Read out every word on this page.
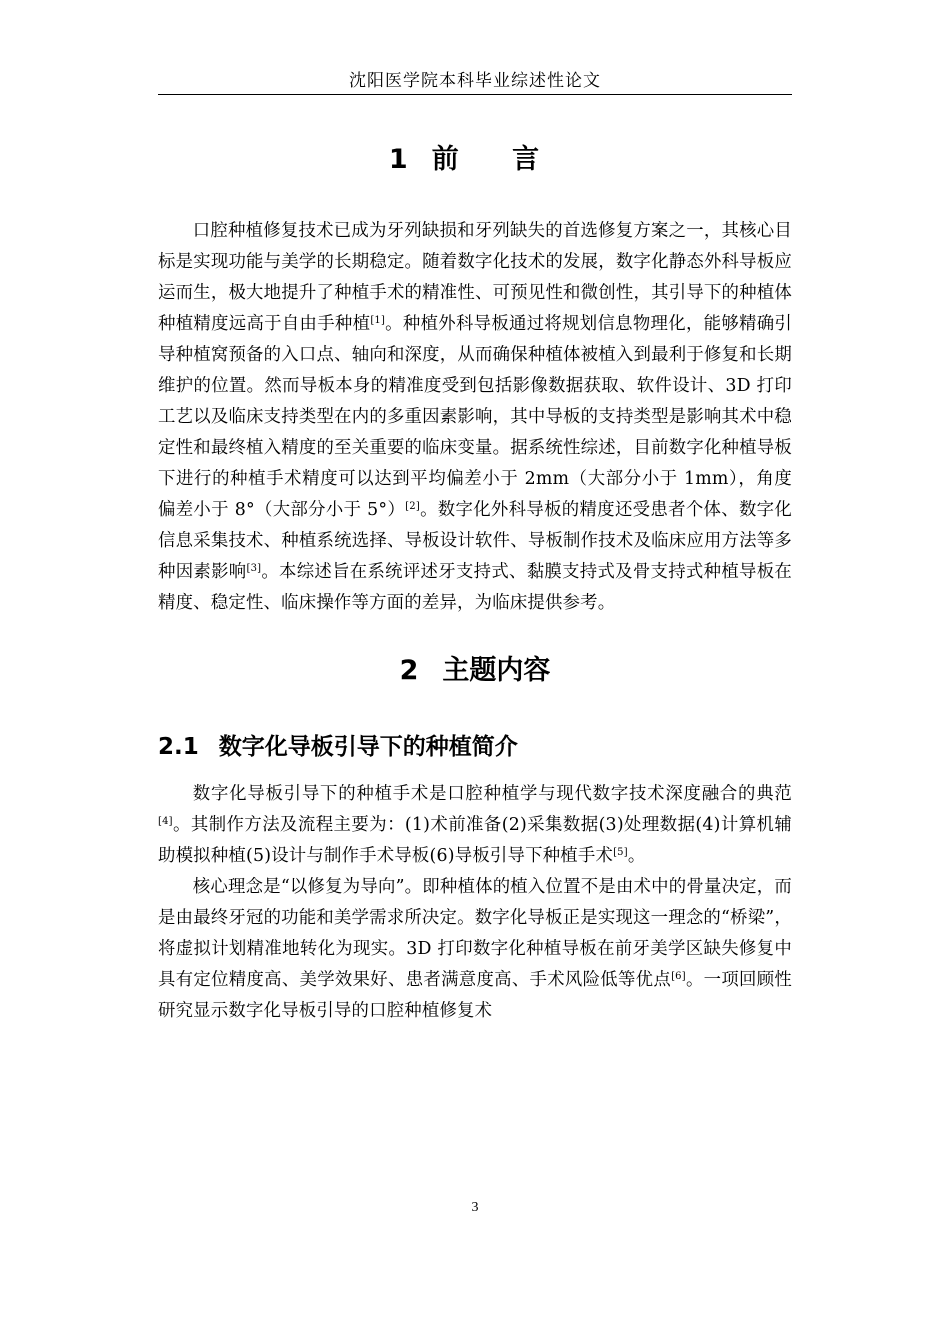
沈阳医学院本科毕业综述性论文
1 前 言

口腔种植修复技术已成为牙列缺损和牙列缺失的首选修复方案之一，其核心目标是实现功能与美学的长期稳定。随着数字化技术的发展，数字化静态外科导板应运而生，极大地提升了种植手术的精准性、可预见性和微创性，其引导下的种植体种植精度远高于自由手种植[1]。种植外科导板通过将规划信息物理化，能够精确引导种植窝预备的入口点、轴向和深度，从而确保种植体被植入到最利于修复和长期维护的位置。然而导板本身的精准度受到包括影像数据获取、软件设计、3D 打印工艺以及临床支持类型在内的多重因素影响，其中导板的支持类型是影响其术中稳定性和最终植入精度的至关重要的临床变量。据系统性综述，目前数字化种植导板下进行的种植手术精度可以达到平均偏差小于 2mm（大部分小于 1mm），角度偏差小于 8°（大部分小于 5°）[2]。数字化外科导板的精度还受患者个体、数字化信息采集技术、种植系统选择、导板设计软件、导板制作技术及临床应用方法等多种因素影响[3]。本综述旨在系统评述牙支持式、黏膜支持式及骨支持式种植导板在精度、稳定性、临床操作等方面的差异，为临床提供参考。

2 主题内容
2.1 数字化导板引导下的种植简介

数字化导板引导下的种植手术是口腔种植学与现代数字技术深度融合的典范[4]。其制作方法及流程主要为：(1)术前准备(2)采集数据(3)处理数据(4)计算机辅助模拟种植(5)设计与制作手术导板(6)导板引导下种植手术[5]。

核心理念是“以修复为导向”。即种植体的植入位置不是由术中的骨量决定，而是由最终牙冠的功能和美学需求所决定。数字化导板正是实现这一理念的“桥梁”，将虚拟计划精准地转化为现实。3D 打印数字化种植导板在前牙美学区缺失修复中具有定位精度高、美学效果好、患者满意度高、手术风险低等优点[6]。一项回顾性研究显示数字化导板引导的口腔种植修复术

3
